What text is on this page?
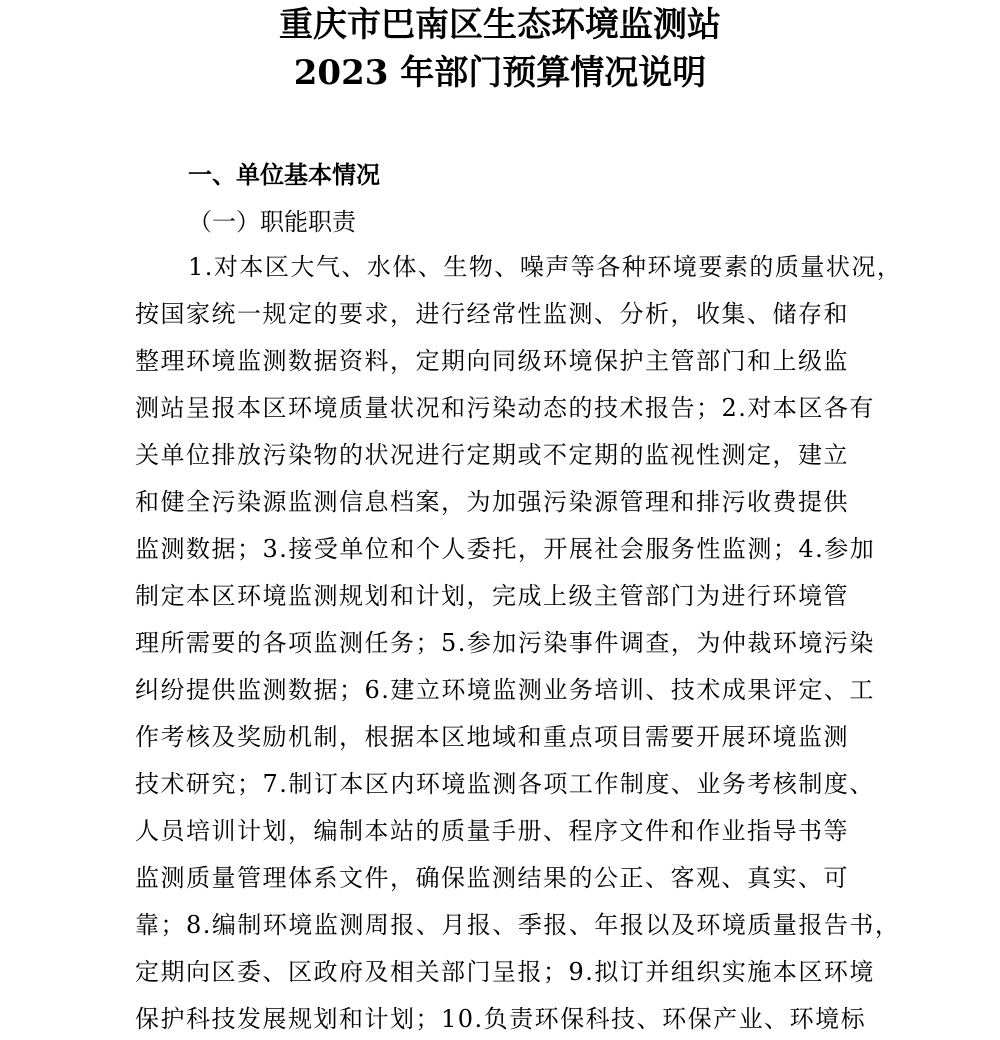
重庆市巴南区生态环境监测站
2023 年部门预算情况说明
一、单位基本情况
（一）职能职责
1.对本区大气、水体、生物、噪声等各种环境要素的质量状况，
按国家统一规定的要求，进行经常性监测、分析，收集、储存和
整理环境监测数据资料，定期向同级环境保护主管部门和上级监
测站呈报本区环境质量状况和污染动态的技术报告；2.对本区各有
关单位排放污染物的状况进行定期或不定期的监视性测定，建立
和健全污染源监测信息档案，为加强污染源管理和排污收费提供
监测数据；3.接受单位和个人委托，开展社会服务性监测；4.参加
制定本区环境监测规划和计划，完成上级主管部门为进行环境管
理所需要的各项监测任务；5.参加污染事件调查，为仲裁环境污染
纠纷提供监测数据；6.建立环境监测业务培训、技术成果评定、工
作考核及奖励机制，根据本区地域和重点项目需要开展环境监测
技术研究；7.制订本区内环境监测各项工作制度、业务考核制度、
人员培训计划，编制本站的质量手册、程序文件和作业指导书等
监测质量管理体系文件，确保监测结果的公正、客观、真实、可
靠；8.编制环境监测周报、月报、季报、年报以及环境质量报告书，
定期向区委、区政府及相关部门呈报；9.拟订并组织实施本区环境
保护科技发展规划和计划；10.负责环保科技、环保产业、环境标
